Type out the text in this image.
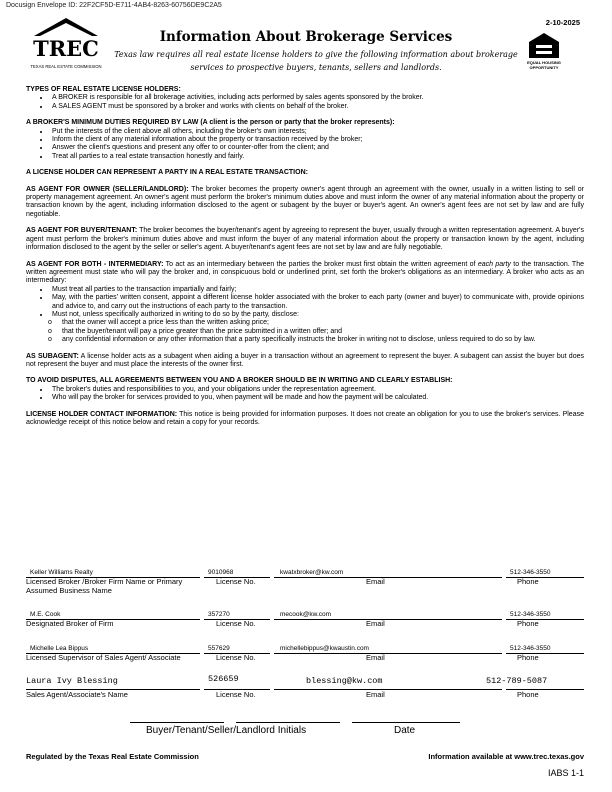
Docusign Envelope ID: 22F2CF5D-E711-4AB4-8263-60756DE9C2A5
2-10-2025
TREC
TEXAS REAL ESTATE COMMISSION
EQUAL HOUSING
OPPORTUNITY
Information About Brokerage Services
Texas law requires all real estate license holders to give the following information about brokerage services to prospective buyers, tenants, sellers and landlords.

TYPES OF REAL ESTATE LICENSE HOLDERS:

• A BROKER is responsible for all brokerage activities, including acts performed by sales agents sponsored by the broker.
• A SALES AGENT must be sponsored by a broker and works with clients on behalf of the broker.

A BROKER'S MINIMUM DUTIES REQUIRED BY LAW (A client is the person or party that the broker represents):

• Put the interests of the client above all others, including the broker's own interests;
• Inform the client of any material information about the property or transaction received by the broker;
• Answer the client's questions and present any offer to or counter-offer from the client; and
• Treat all parties to a real estate transaction honestly and fairly.

A LICENSE HOLDER CAN REPRESENT A PARTY IN A REAL ESTATE TRANSACTION:

AS AGENT FOR OWNER (SELLER/LANDLORD): The broker becomes the property owner's agent through an agreement with the owner, usually in a written listing to sell or property management agreement. An owner's agent must perform the broker's minimum duties above and must inform the owner of any material information about the property or transaction known by the agent, including information disclosed to the agent or subagent by the buyer or buyer's agent. An owner's agent fees are not set by law and are fully negotiable.

AS AGENT FOR BUYER/TENANT: The broker becomes the buyer/tenant's agent by agreeing to represent the buyer, usually through a written representation agreement. A buyer's agent must perform the broker's minimum duties above and must inform the buyer of any material information about the property or transaction known by the agent, including information disclosed to the agent by the seller or seller's agent. A buyer/tenant's agent fees are not set by law and are fully negotiable.

AS AGENT FOR BOTH - INTERMEDIARY: To act as an intermediary between the parties the broker must first obtain the written agreement of each party to the transaction. The written agreement must state who will pay the broker and, in conspicuous bold or underlined print, set forth the broker's obligations as an intermediary. A broker who acts as an intermediary:

• Must treat all parties to the transaction impartially and fairly;
• May, with the parties' written consent, appoint a different license holder associated with the broker to each party (owner and buyer) to communicate with, provide opinions and advice to, and carry out the instructions of each party to the transaction.
• Must not, unless specifically authorized in writing to do so by the party, disclose:
o that the owner will accept a price less than the written asking price;
o that the buyer/tenant will pay a price greater than the price submitted in a written offer; and
o any confidential information or any other information that a party specifically instructs the broker in writing not to disclose, unless required to do so by law.

AS SUBAGENT: A license holder acts as a subagent when aiding a buyer in a transaction without an agreement to represent the buyer. A subagent can assist the buyer but does not represent the buyer and must place the interests of the owner first.

TO AVOID DISPUTES, ALL AGREEMENTS BETWEEN YOU AND A BROKER SHOULD BE IN WRITING AND CLEARLY ESTABLISH:

• The broker's duties and responsibilities to you, and your obligations under the representation agreement.
• Who will pay the broker for services provided to you, when payment will be made and how the payment will be calculated.

LICENSE HOLDER CONTACT INFORMATION: This notice is being provided for information purposes. It does not create an obligation for you to use the broker's services. Please acknowledge receipt of this notice below and retain a copy for your records.

Keller Williams Realty	9010968	kwatxbroker@kw.com	512-346-3550
Licensed Broker /Broker Firm Name or Primary Assumed Business Name
License No.	Email	Phone
M.E. Cook	357270	mecook@kw.com	512-346-3550
Designated Broker of Firm	License No.	Email	Phone
Michelle Lea Bippus	557629	michellebippus@kwaustin.com	512-346-3550
Licensed Supervisor of Sales Agent/ Associate	License No.	Email	Phone
Laura Ivy Blessing	526659	blessing@kw.com	512-789-5087
Sales Agent/Associate's Name	License No.	Email	Phone
Buyer/Tenant/Seller/Landlord Initials	Date
Regulated by the Texas Real Estate Commission	Information available at www.trec.texas.gov
IABS 1-1
